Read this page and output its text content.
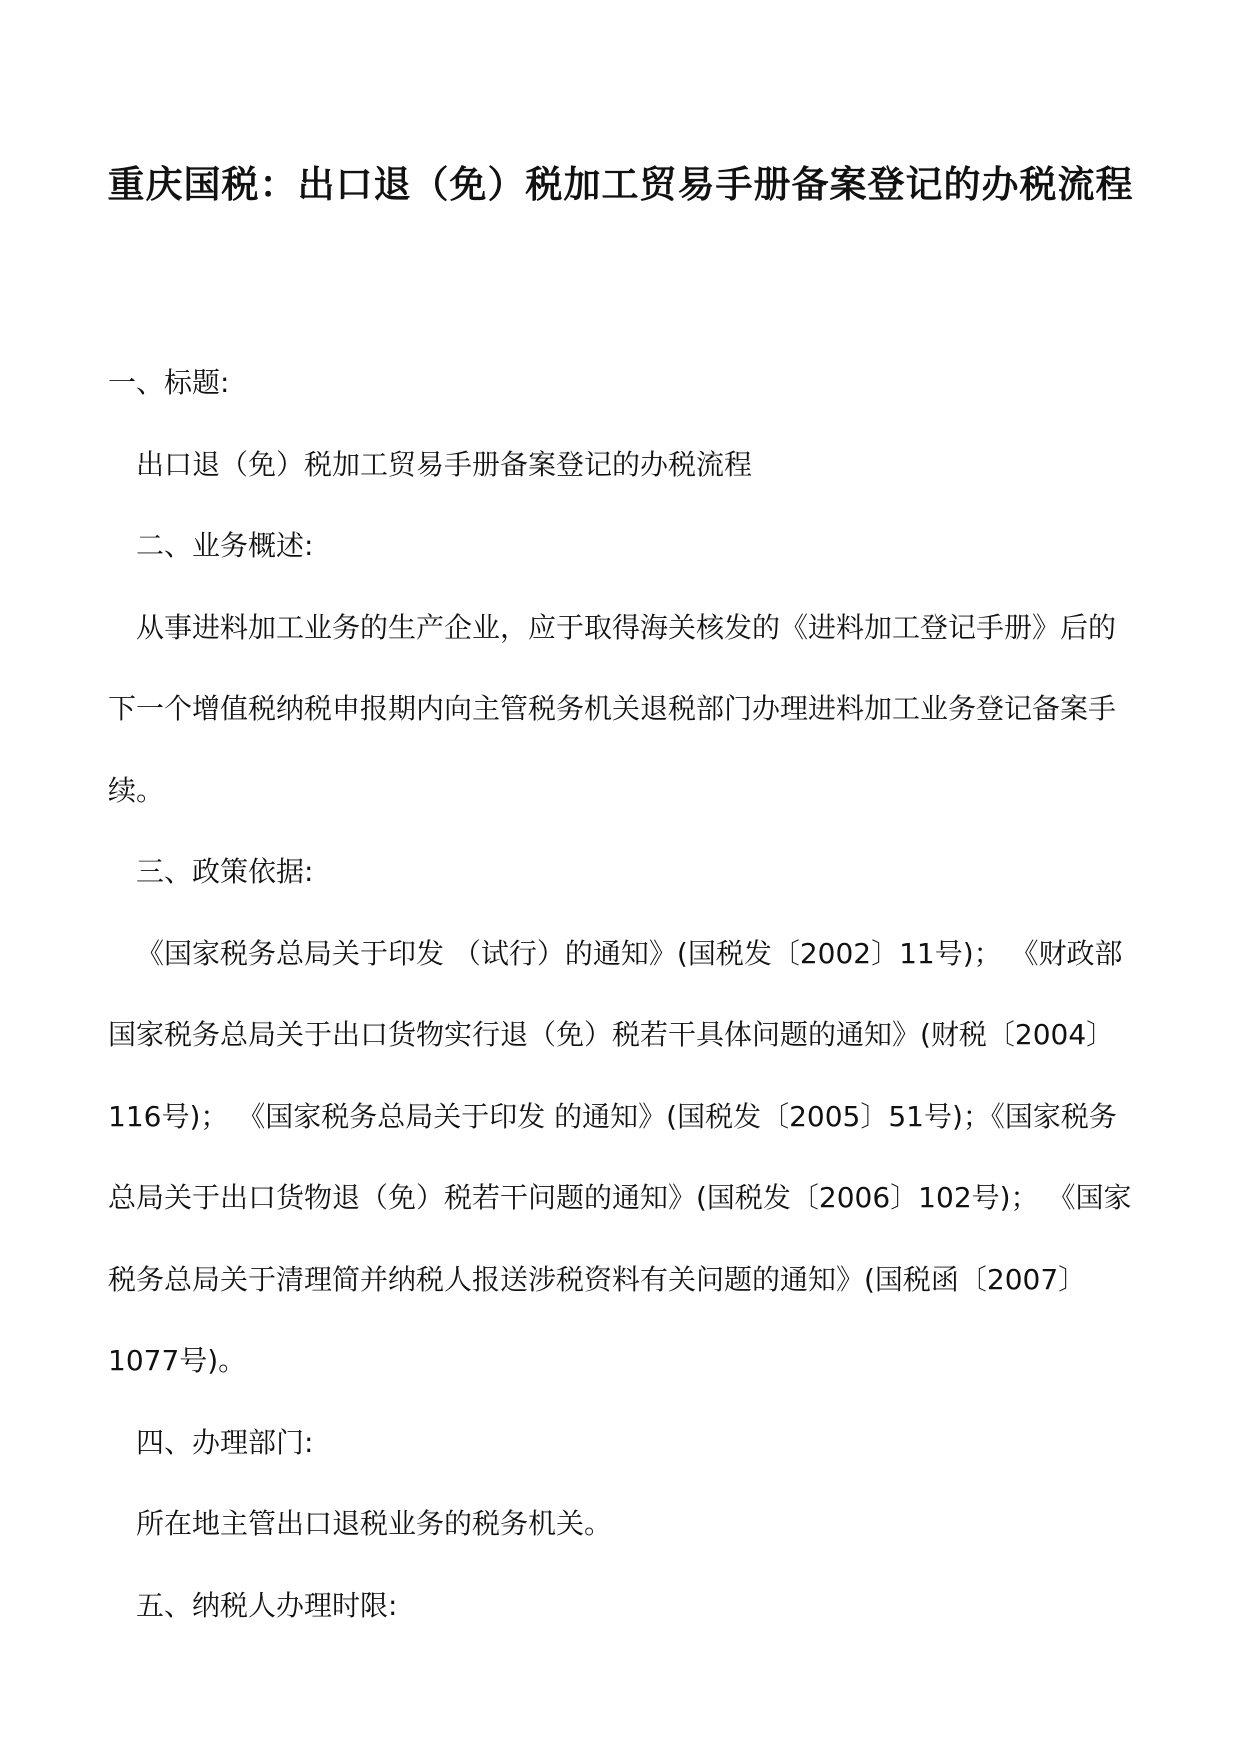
重庆国税：出口退（免）税加工贸易手册备案登记的办税流程

一、标题:

出口退（免）税加工贸易手册备案登记的办税流程

二、业务概述:

从事进料加工业务的生产企业，应于取得海关核发的《进料加工登记手册》后的下一个增值税纳税申报期内向主管税务机关退税部门办理进料加工业务登记备案手续。

三、政策依据:

《国家税务总局关于印发 （试行）的通知》(国税发〔2002〕11号)； 《财政部 国家税务总局关于出口货物实行退（免）税若干具体问题的通知》(财税〔2004〕116号)； 《国家税务总局关于印发 的通知》(国税发〔2005〕51号)；《国家税务总局关于出口货物退（免）税若干问题的通知》(国税发〔2006〕102号)； 《国家税务总局关于清理简并纳税人报送涉税资料有关问题的通知》(国税函〔2007〕1077号)。

四、办理部门:

所在地主管出口退税业务的税务机关。

五、纳税人办理时限:
